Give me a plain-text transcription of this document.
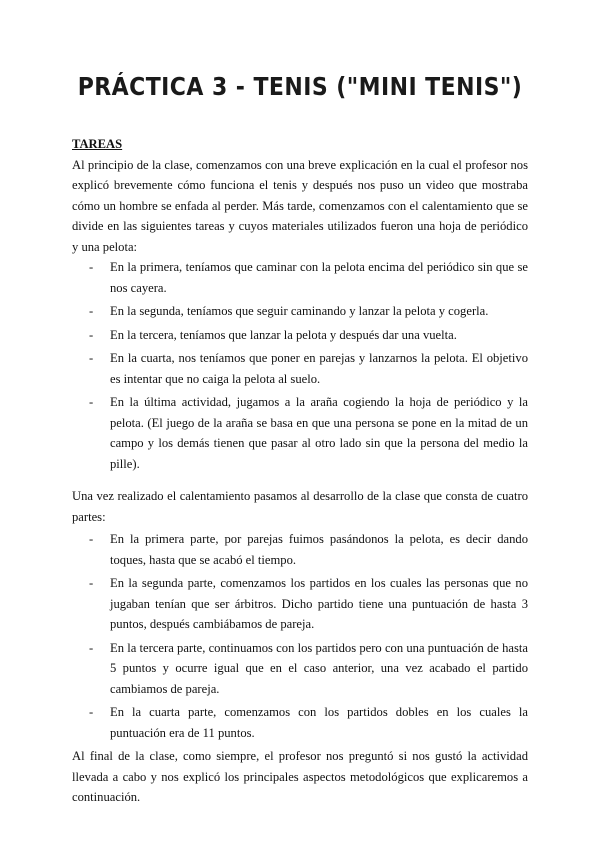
PRÁCTICA 3 - TENIS ("MINI TENIS")
TAREAS

Al principio de la clase, comenzamos con una breve explicación en la cual el profesor nos explicó brevemente cómo funciona el tenis y después nos puso un video que mostraba cómo un hombre se enfada al perder. Más tarde, comenzamos con el calentamiento que se divide en las siguientes tareas y cuyos materiales utilizados fueron una hoja de periódico y una pelota:

- En la primera, teníamos que caminar con la pelota encima del periódico sin que se nos cayera.
- En la segunda, teníamos que seguir caminando y lanzar la pelota y cogerla.
- En la tercera, teníamos que lanzar la pelota y después dar una vuelta.
- En la cuarta, nos teníamos que poner en parejas y lanzarnos la pelota. El objetivo es intentar que no caiga la pelota al suelo.
- En la última actividad, jugamos a la araña cogiendo la hoja de periódico y la pelota. (El juego de la araña se basa en que una persona se pone en la mitad de un campo y los demás tienen que pasar al otro lado sin que la persona del medio la pille).

Una vez realizado el calentamiento pasamos al desarrollo de la clase que consta de cuatro partes:

- En la primera parte, por parejas fuimos pasándonos la pelota, es decir dando toques, hasta que se acabó el tiempo.
- En la segunda parte, comenzamos los partidos en los cuales las personas que no jugaban tenían que ser árbitros. Dicho partido tiene una puntuación de hasta 3 puntos, después cambiábamos de pareja.
- En la tercera parte, continuamos con los partidos pero con una puntuación de hasta 5 puntos y ocurre igual que en el caso anterior, una vez acabado el partido cambiamos de pareja.
- En la cuarta parte, comenzamos con los partidos dobles en los cuales la puntuación era de 11 puntos.

Al final de la clase, como siempre, el profesor nos preguntó si nos gustó la actividad llevada a cabo y nos explicó los principales aspectos metodológicos que explicaremos a continuación.
